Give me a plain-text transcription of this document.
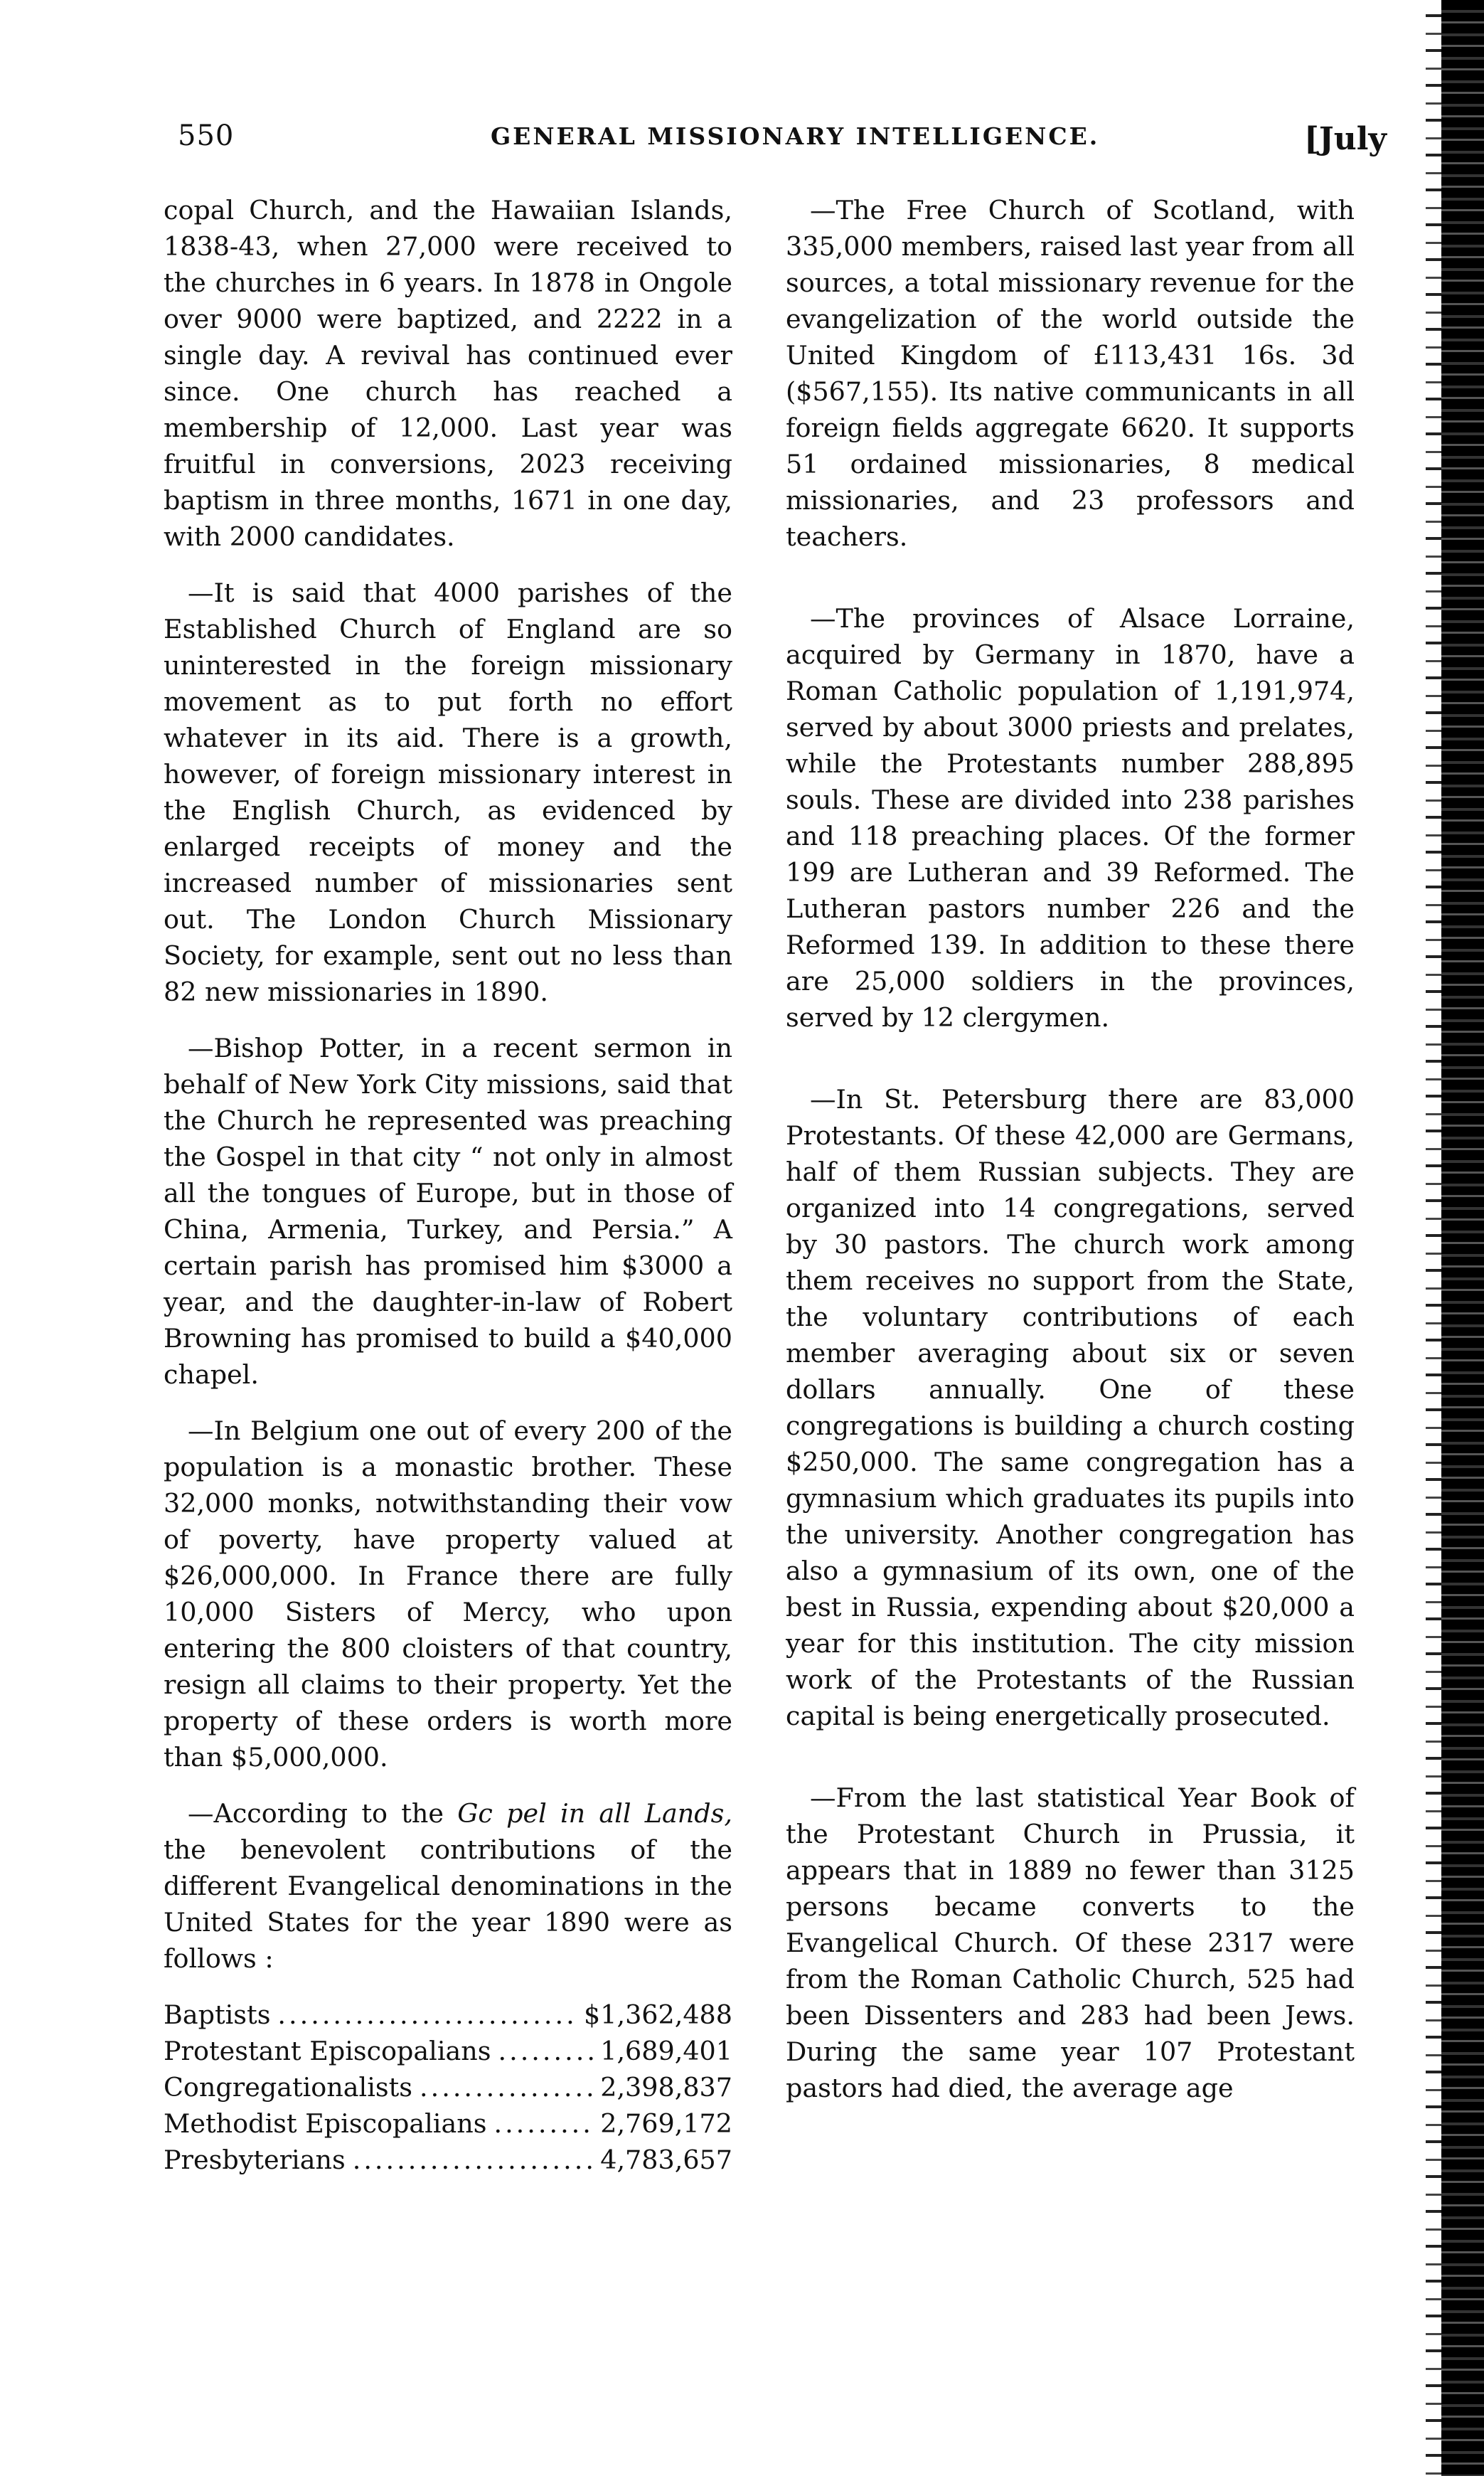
550	GENERAL MISSIONARY INTELLIGENCE.	[July

copal Church, and the Hawaiian Islands, 1838-43, when 27,000 were received to the churches in 6 years. In 1878 in Ongole over 9000 were baptized, and 2222 in a single day. A revival has continued ever since. One church has reached a membership of 12,000. Last year was fruitful in conversions, 2023 receiving baptism in three months, 1671 in one day, with 2000 candidates.

—It is said that 4000 parishes of the Established Church of England are so uninterested in the foreign missionary movement as to put forth no effort whatever in its aid. There is a growth, however, of foreign missionary interest in the English Church, as evidenced by enlarged receipts of money and the increased number of missionaries sent out. The London Church Missionary Society, for example, sent out no less than 82 new missionaries in 1890.

—Bishop Potter, in a recent sermon in behalf of New York City missions, said that the Church he represented was preaching the Gospel in that city “ not only in almost all the tongues of Europe, but in those of China, Armenia, Turkey, and Persia.” A certain parish has promised him $3000 a year, and the daughter-in-law of Robert Browning has promised to build a $40,000 chapel.

—In Belgium one out of every 200 of the population is a monastic brother. These 32,000 monks, notwithstanding their vow of poverty, have property valued at $26,000,000. In France there are fully 10,000 Sisters of Mercy, who upon entering the 800 cloisters of that country, resign all claims to their property. Yet the property of these orders is worth more than $5,000,000.

—According to the Gc pel in all Lands, the benevolent contributions of the different Evangelical denominations in the United States for the year 1890 were as follows :

Baptists .....	$1,362,488
Protestant Episcopalians .....	1,689,401
Congregationalists .....	2,398,837
Methodist Episcopalians .....	2,769,172
Presbyterians .....	4,783,657

—The Free Church of Scotland, with 335,000 members, raised last year from all sources, a total missionary revenue for the evangelization of the world outside the United Kingdom of £113,431 16s. 3d ($567,155). Its native communicants in all foreign fields aggregate 6620. It supports 51 ordained missionaries, 8 medical missionaries, and 23 professors and teachers.

—The provinces of Alsace Lorraine, acquired by Germany in 1870, have a Roman Catholic population of 1,191,974, served by about 3000 priests and prelates, while the Protestants number 288,895 souls. These are divided into 238 parishes and 118 preaching places. Of the former 199 are Lutheran and 39 Reformed. The Lutheran pastors number 226 and the Reformed 139. In addition to these there are 25,000 soldiers in the provinces, served by 12 clergymen.

—In St. Petersburg there are 83,000 Protestants. Of these 42,000 are Germans, half of them Russian subjects. They are organized into 14 congregations, served by 30 pastors. The church work among them receives no support from the State, the voluntary contributions of each member averaging about six or seven dollars annually. One of these congregations is building a church costing $250,000. The same congregation has a gymnasium which graduates its pupils into the university. Another congregation has also a gymnasium of its own, one of the best in Russia, expending about $20,000 a year for this institution. The city mission work of the Protestants of the Russian capital is being energetically prosecuted.

—From the last statistical Year Book of the Protestant Church in Prussia, it appears that in 1889 no fewer than 3125 persons became converts to the Evangelical Church. Of these 2317 were from the Roman Catholic Church, 525 had been Dissenters and 283 had been Jews. During the same year 107 Protestant pastors had died, the average age
